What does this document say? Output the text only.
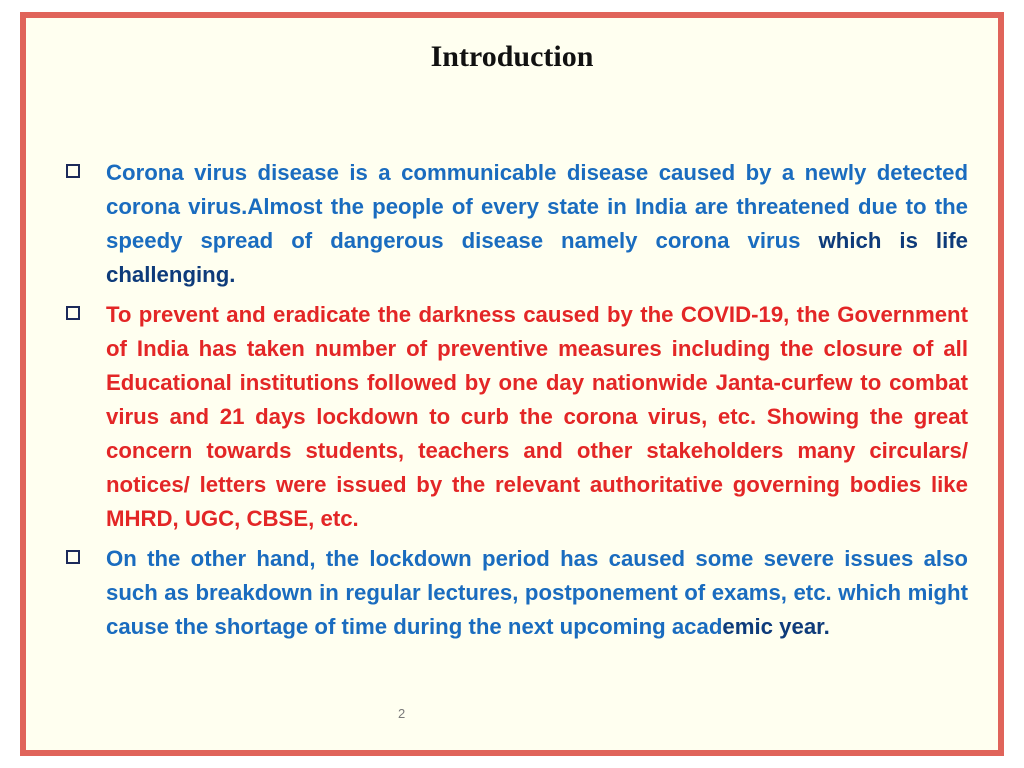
Introduction
Corona virus disease is a communicable disease caused by a newly detected corona virus.Almost the people of every state in India are threatened due to the speedy spread of dangerous disease namely corona virus which is life challenging.
To prevent and eradicate the darkness caused by the COVID-19, the Government of India has taken number of preventive measures including the closure of all Educational institutions followed by one day nationwide Janta-curfew to combat virus and 21 days lockdown to curb the corona virus, etc. Showing the great concern towards students, teachers and other stakeholders many circulars/ notices/ letters were issued by the relevant authoritative governing bodies like MHRD, UGC, CBSE, etc.
On the other hand, the lockdown period has caused some severe issues also such as breakdown in regular lectures, postponement of exams, etc. which might cause the shortage of time during the next upcoming academic year.
2
